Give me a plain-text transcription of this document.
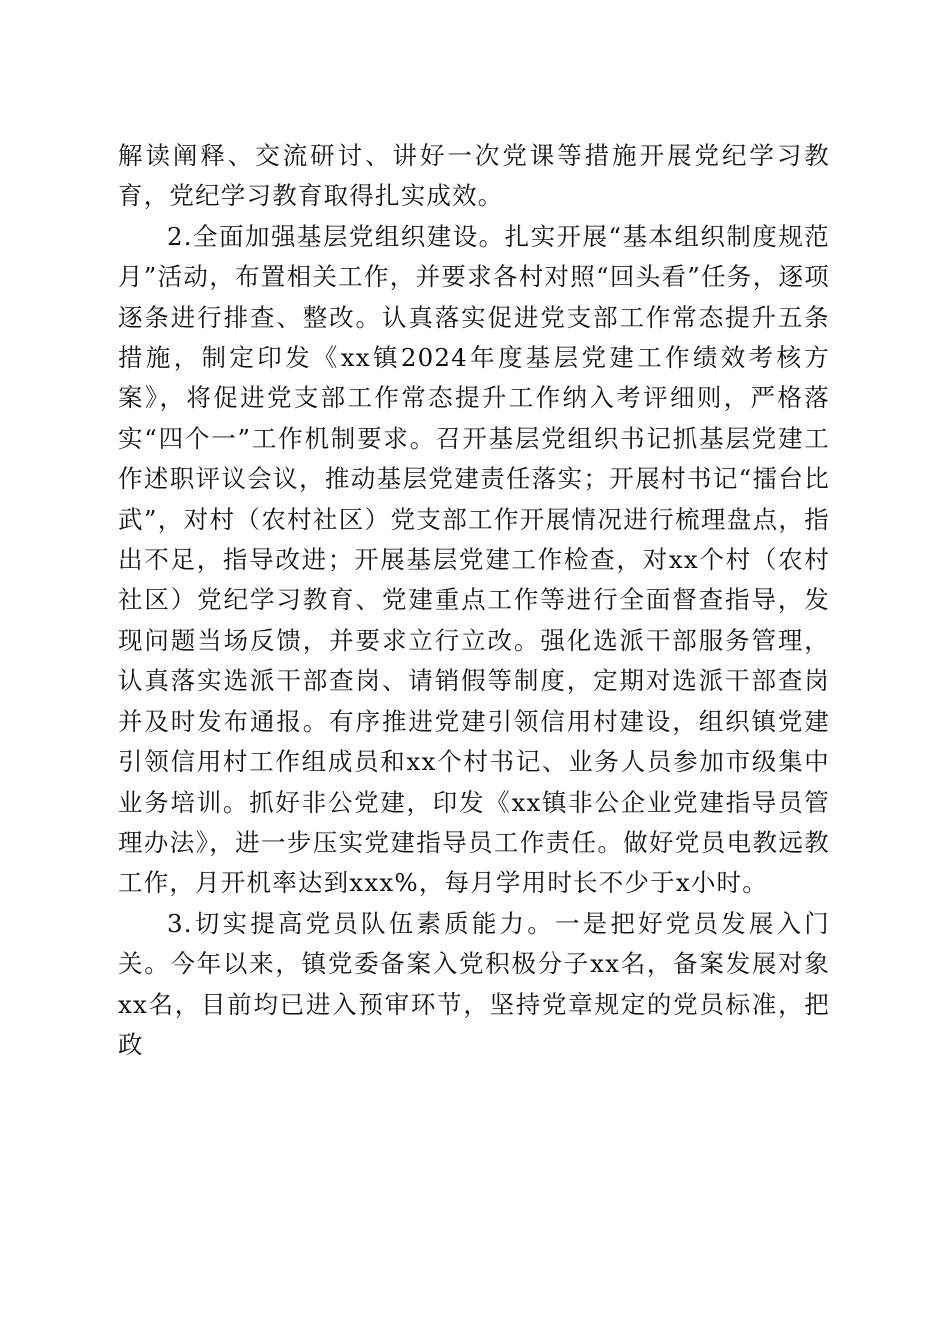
解读阐释、交流研讨、讲好一次党课等措施开展党纪学习教育，党纪学习教育取得扎实成效。

2.全面加强基层党组织建设。扎实开展“基本组织制度规范月”活动，布置相关工作，并要求各村对照“回头看”任务，逐项逐条进行排查、整改。认真落实促进党支部工作常态提升五条措施，制定印发《xx镇2024年度基层党建工作绩效考核方案》，将促进党支部工作常态提升工作纳入考评细则，严格落实“四个一”工作机制要求。召开基层党组织书记抓基层党建工作述职评议会议，推动基层党建责任落实；开展村书记“擂台比武”，对村（农村社区）党支部工作开展情况进行梳理盘点，指出不足，指导改进；开展基层党建工作检查，对xx个村（农村社区）党纪学习教育、党建重点工作等进行全面督查指导，发现问题当场反馈，并要求立行立改。强化选派干部服务管理，认真落实选派干部查岗、请销假等制度，定期对选派干部查岗并及时发布通报。有序推进党建引领信用村建设，组织镇党建引领信用村工作组成员和xx个村书记、业务人员参加市级集中业务培训。抓好非公党建，印发《xx镇非公企业党建指导员管理办法》，进一步压实党建指导员工作责任。做好党员电教远教工作，月开机率达到xxx%，每月学用时长不少于x小时。

3.切实提高党员队伍素质能力。一是把好党员发展入门关。今年以来，镇党委备案入党积极分子xx名，备案发展对象xx名，目前均已进入预审环节，坚持党章规定的党员标准，把政
